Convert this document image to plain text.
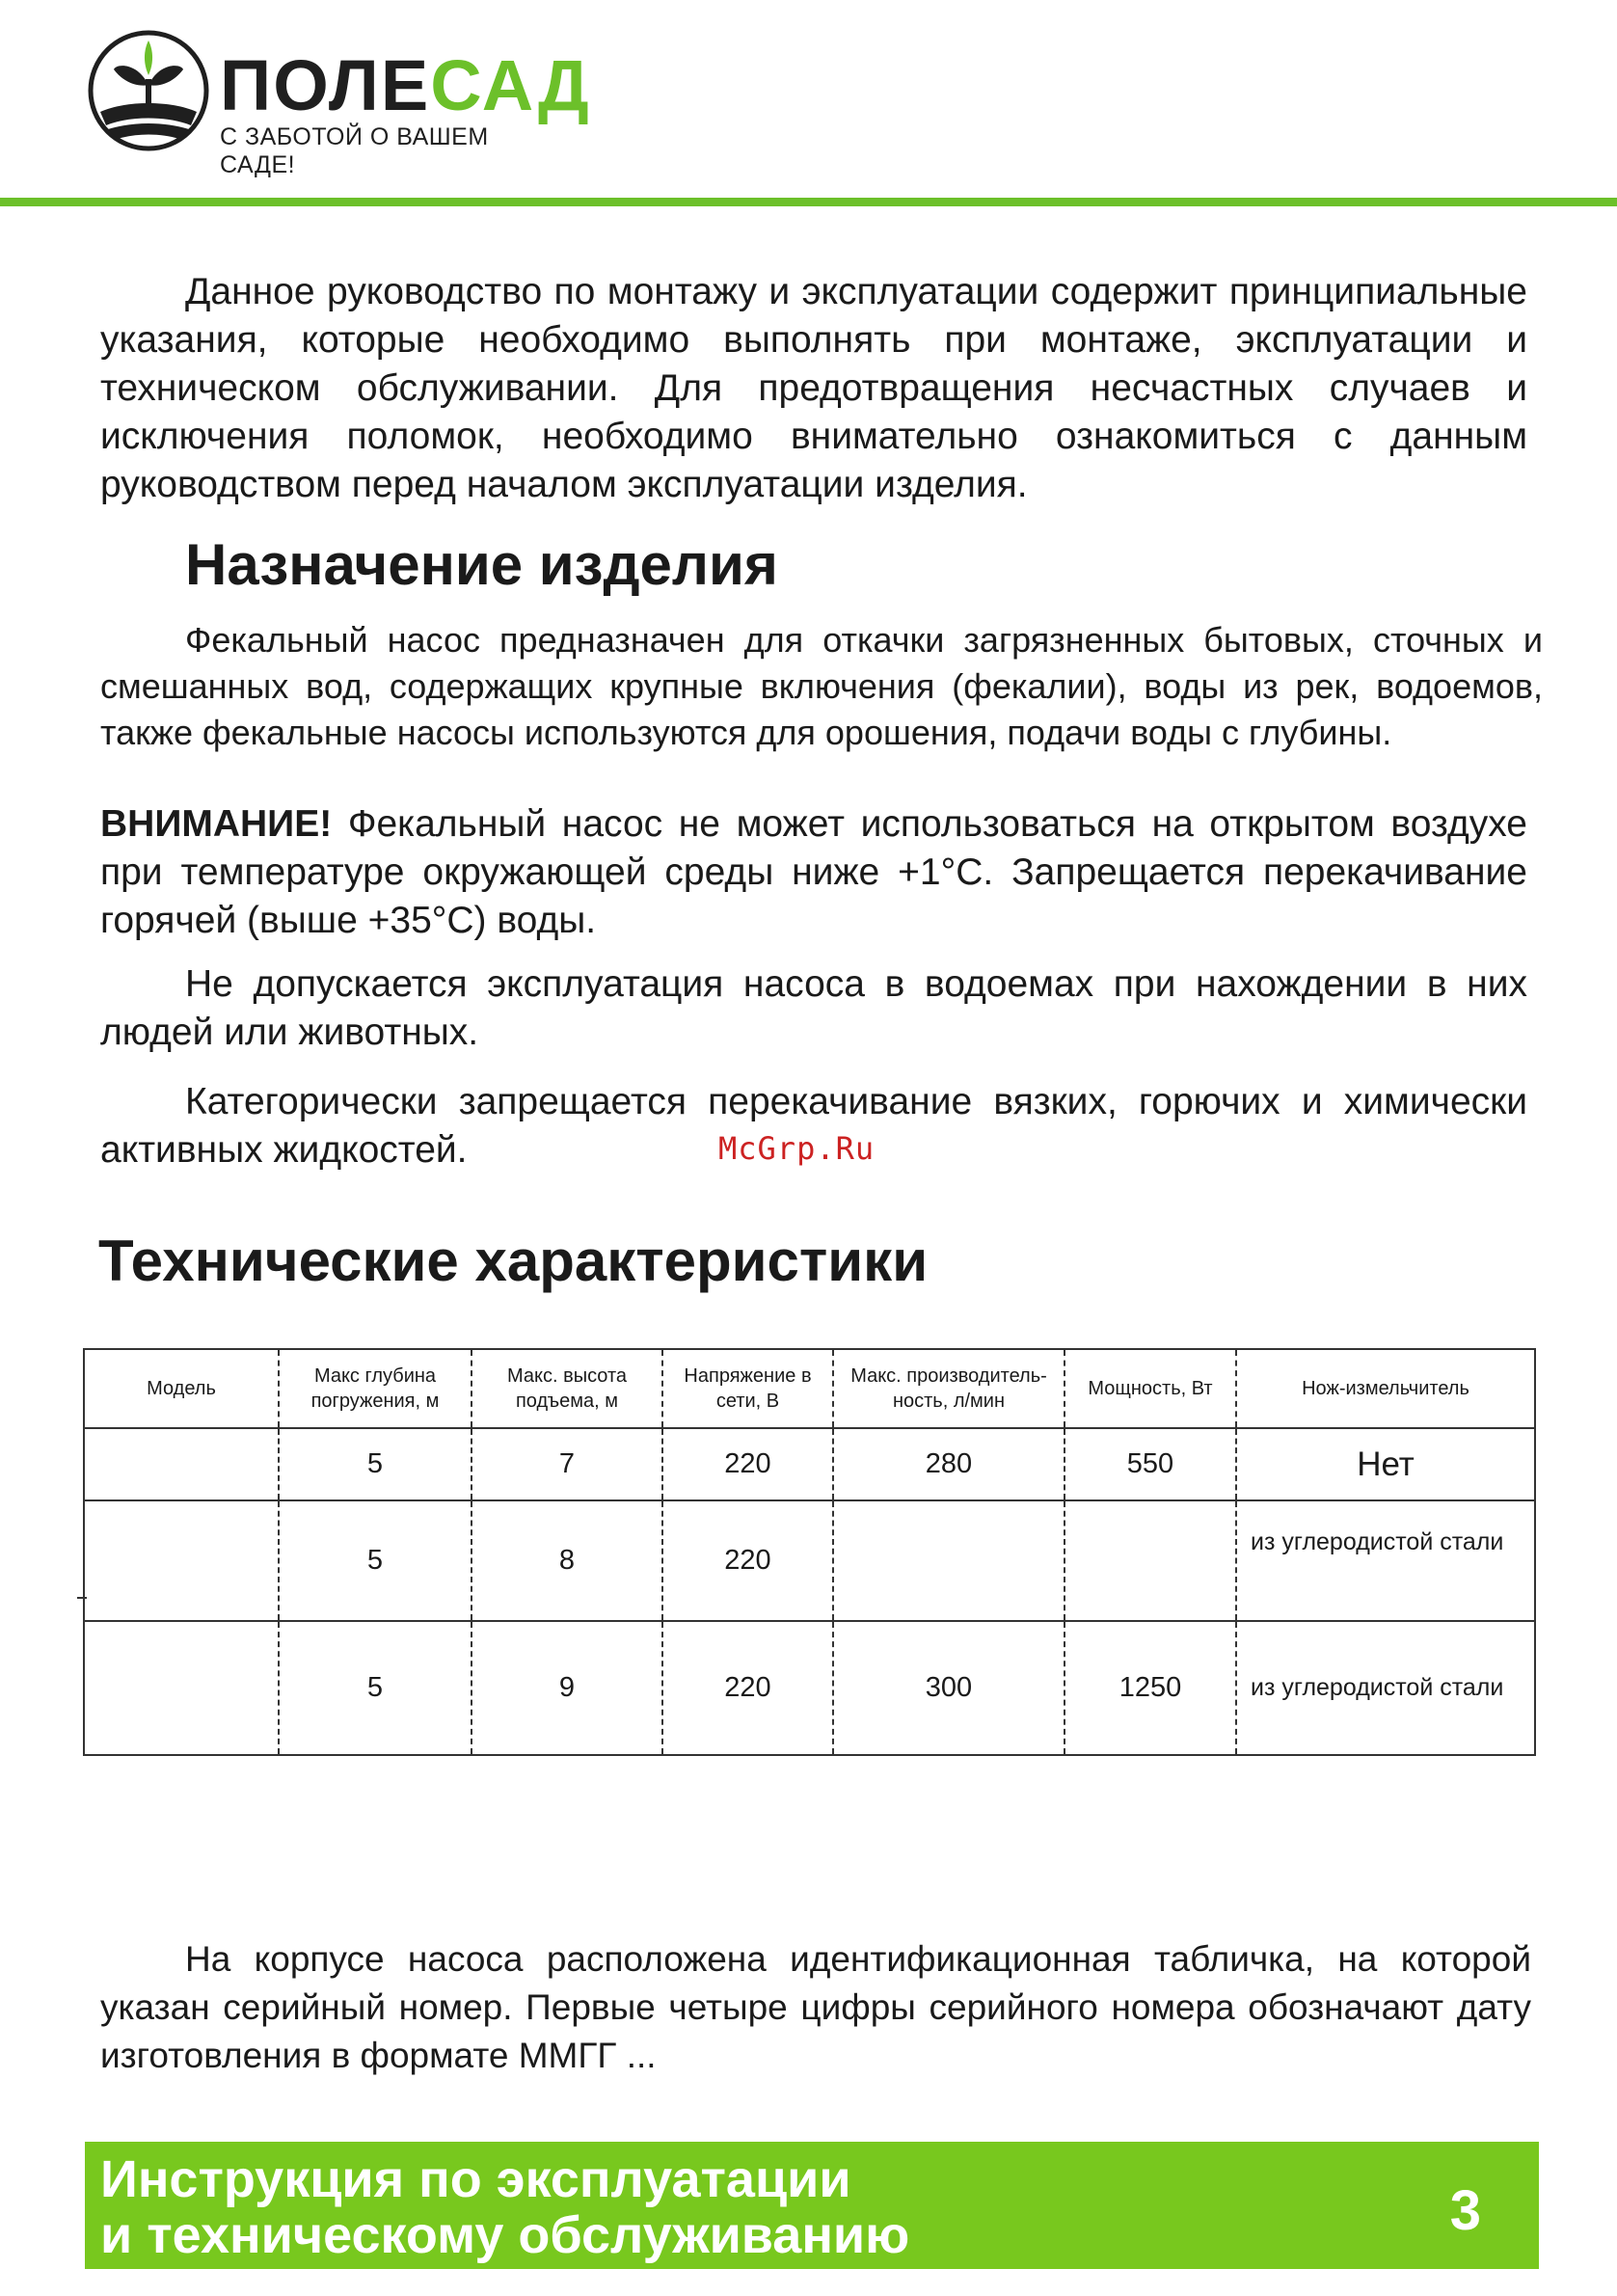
ПОЛЕСАД
С ЗАБОТОЙ О ВАШЕМ САДЕ!

Данное руководство по монтажу и эксплуатации содержит принципиальные указания, которые необходимо выполнять при монтаже, эксплуатации и техническом обслуживании. Для предотвращения несчастных случаев и исключения поломок, необходимо внимательно ознакомиться с данным руководством перед началом эксплуатации изделия.

Назначение изделия

Фекальный насос предназначен для откачки загрязненных бытовых, сточных и смешанных вод, содержащих крупные включения (фекалии), воды из рек, водоемов, также фекальные насосы используются для орошения, подачи воды с глубины.

ВНИМАНИЕ! Фекальный насос не может использоваться на открытом воздухе при температуре окружающей среды ниже +1°С. Запрещается перекачивание горячей (выше +35°С) воды.

Не допускается эксплуатация насоса в водоемах при нахождении в них людей или животных.

Категорически запрещается перекачивание вязких, горючих и химически активных жидкостей.	McGrp.Ru
Технические характеристики
Модель	Макс глубина погружения, м	Макс. высота подъема, м	Напряжение в сети, В	Макс. производитель-ность, л/мин	Мощность, Вт	Нож-измельчитель
	5	7	220	280	550	Нет
	5	8	220			из углеродистой стали
	5	9	220	300	1250	из углеродистой стали

На корпусе насоса расположена идентификационная табличка, на которой указан серийный номер. Первые четыре цифры серийного номера обозначают дату изготовления в формате ММГГ ...

Инструкция по эксплуатации
и техническому обслуживанию	3
